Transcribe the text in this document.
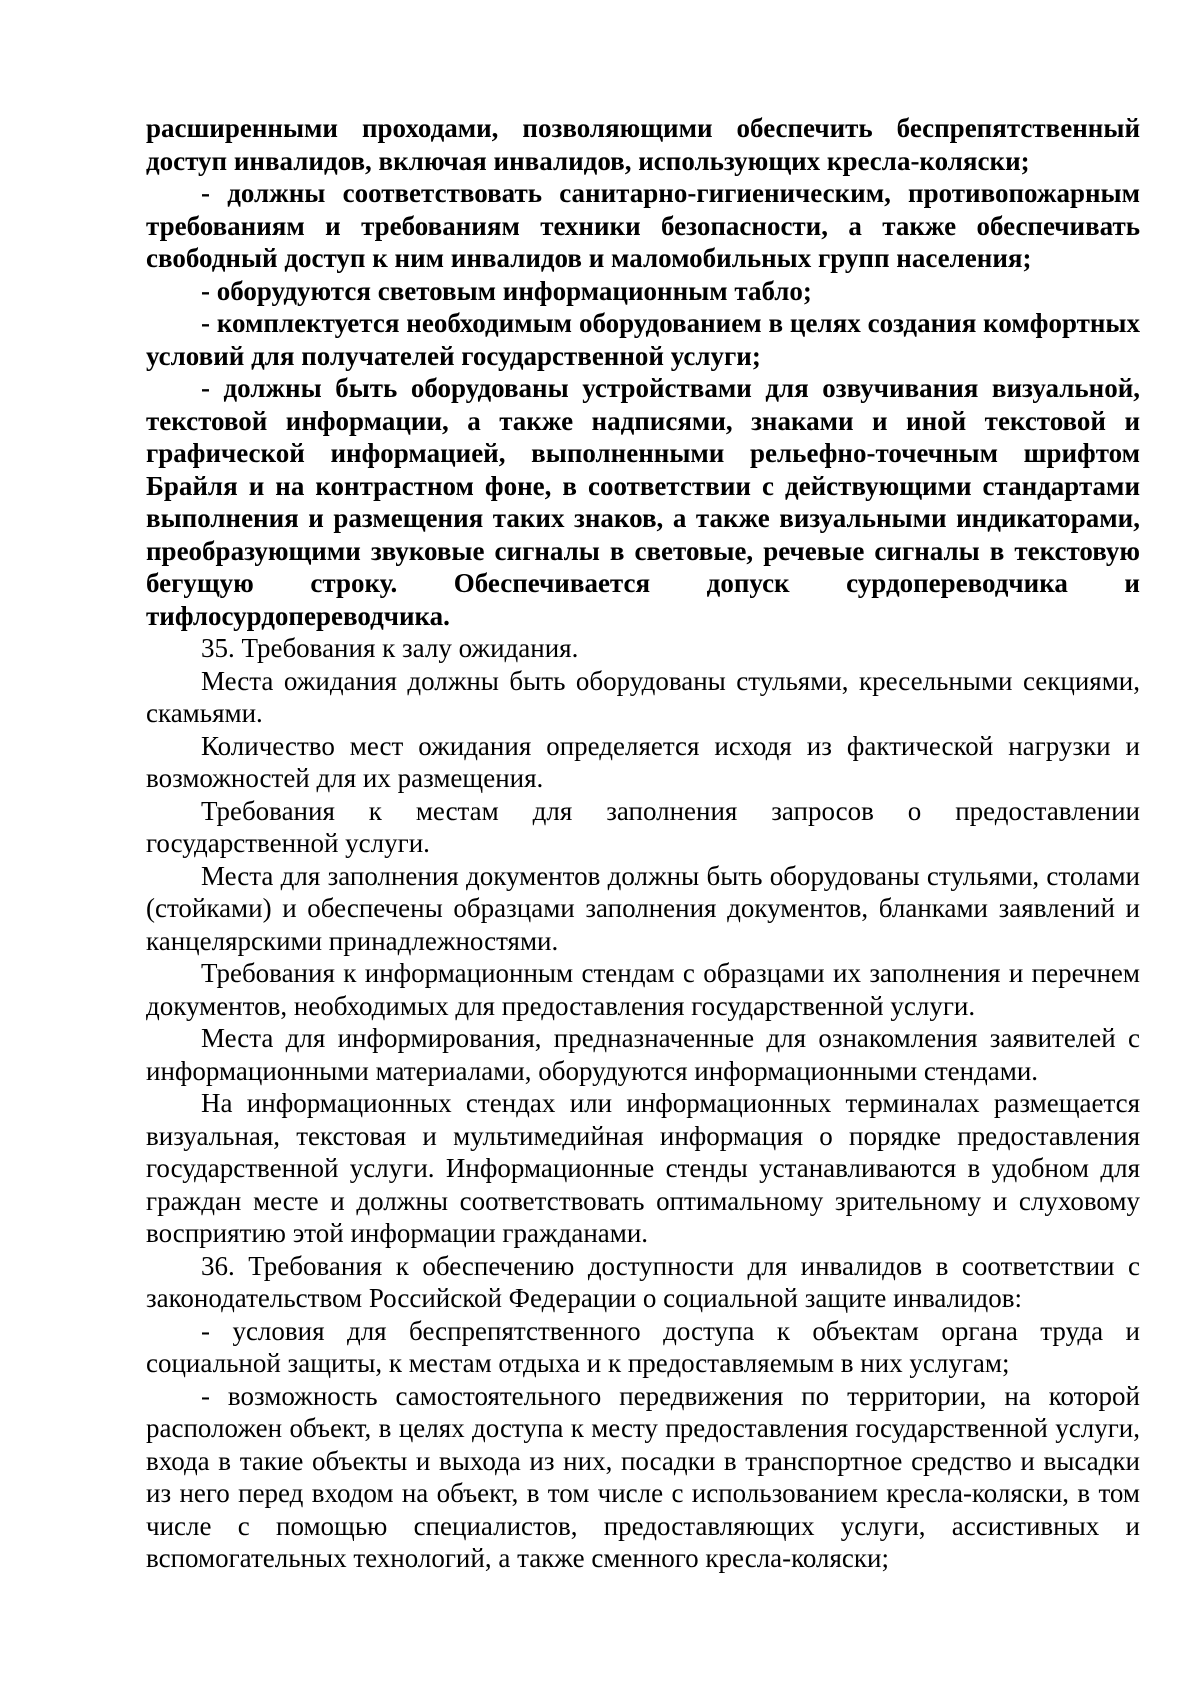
расширенными проходами, позволяющими обеспечить беспрепятственный доступ инвалидов, включая инвалидов, использующих кресла-коляски;

- должны соответствовать санитарно-гигиеническим, противопожарным требованиям и требованиям техники безопасности, а также обеспечивать свободный доступ к ним инвалидов и маломобильных групп населения;

- оборудуются световым информационным табло;

- комплектуется необходимым оборудованием в целях создания комфортных условий для получателей государственной услуги;

- должны быть оборудованы устройствами для озвучивания визуальной, текстовой информации, а также надписями, знаками и иной текстовой и графической информацией, выполненными рельефно-точечным шрифтом Брайля и на контрастном фоне, в соответствии с действующими стандартами выполнения и размещения таких знаков, а также визуальными индикаторами, преобразующими звуковые сигналы в световые, речевые сигналы в текстовую бегущую строку. Обеспечивается допуск сурдопереводчика и тифлосурдопереводчика.

35. Требования к залу ожидания.

Места ожидания должны быть оборудованы стульями, кресельными секциями, скамьями.

Количество мест ожидания определяется исходя из фактической нагрузки и возможностей для их размещения.

Требования к местам для заполнения запросов о предоставлении государственной услуги.

Места для заполнения документов должны быть оборудованы стульями, столами (стойками) и обеспечены образцами заполнения документов, бланками заявлений и канцелярскими принадлежностями.

Требования к информационным стендам с образцами их заполнения и перечнем документов, необходимых для предоставления государственной услуги.

Места для информирования, предназначенные для ознакомления заявителей с информационными материалами, оборудуются информационными стендами.

На информационных стендах или информационных терминалах размещается визуальная, текстовая и мультимедийная информация о порядке предоставления государственной услуги. Информационные стенды устанавливаются в удобном для граждан месте и должны соответствовать оптимальному зрительному и слуховому восприятию этой информации гражданами.

36. Требования к обеспечению доступности для инвалидов в соответствии с законодательством Российской Федерации о социальной защите инвалидов:

- условия для беспрепятственного доступа к объектам органа труда и социальной защиты, к местам отдыха и к предоставляемым в них услугам;

- возможность самостоятельного передвижения по территории, на которой расположен объект, в целях доступа к месту предоставления государственной услуги, входа в такие объекты и выхода из них, посадки в транспортное средство и высадки из него перед входом на объект, в том числе с использованием кресла-коляски, в том числе с помощью специалистов, предоставляющих услуги, ассистивных и вспомогательных технологий, а также сменного кресла-коляски;
